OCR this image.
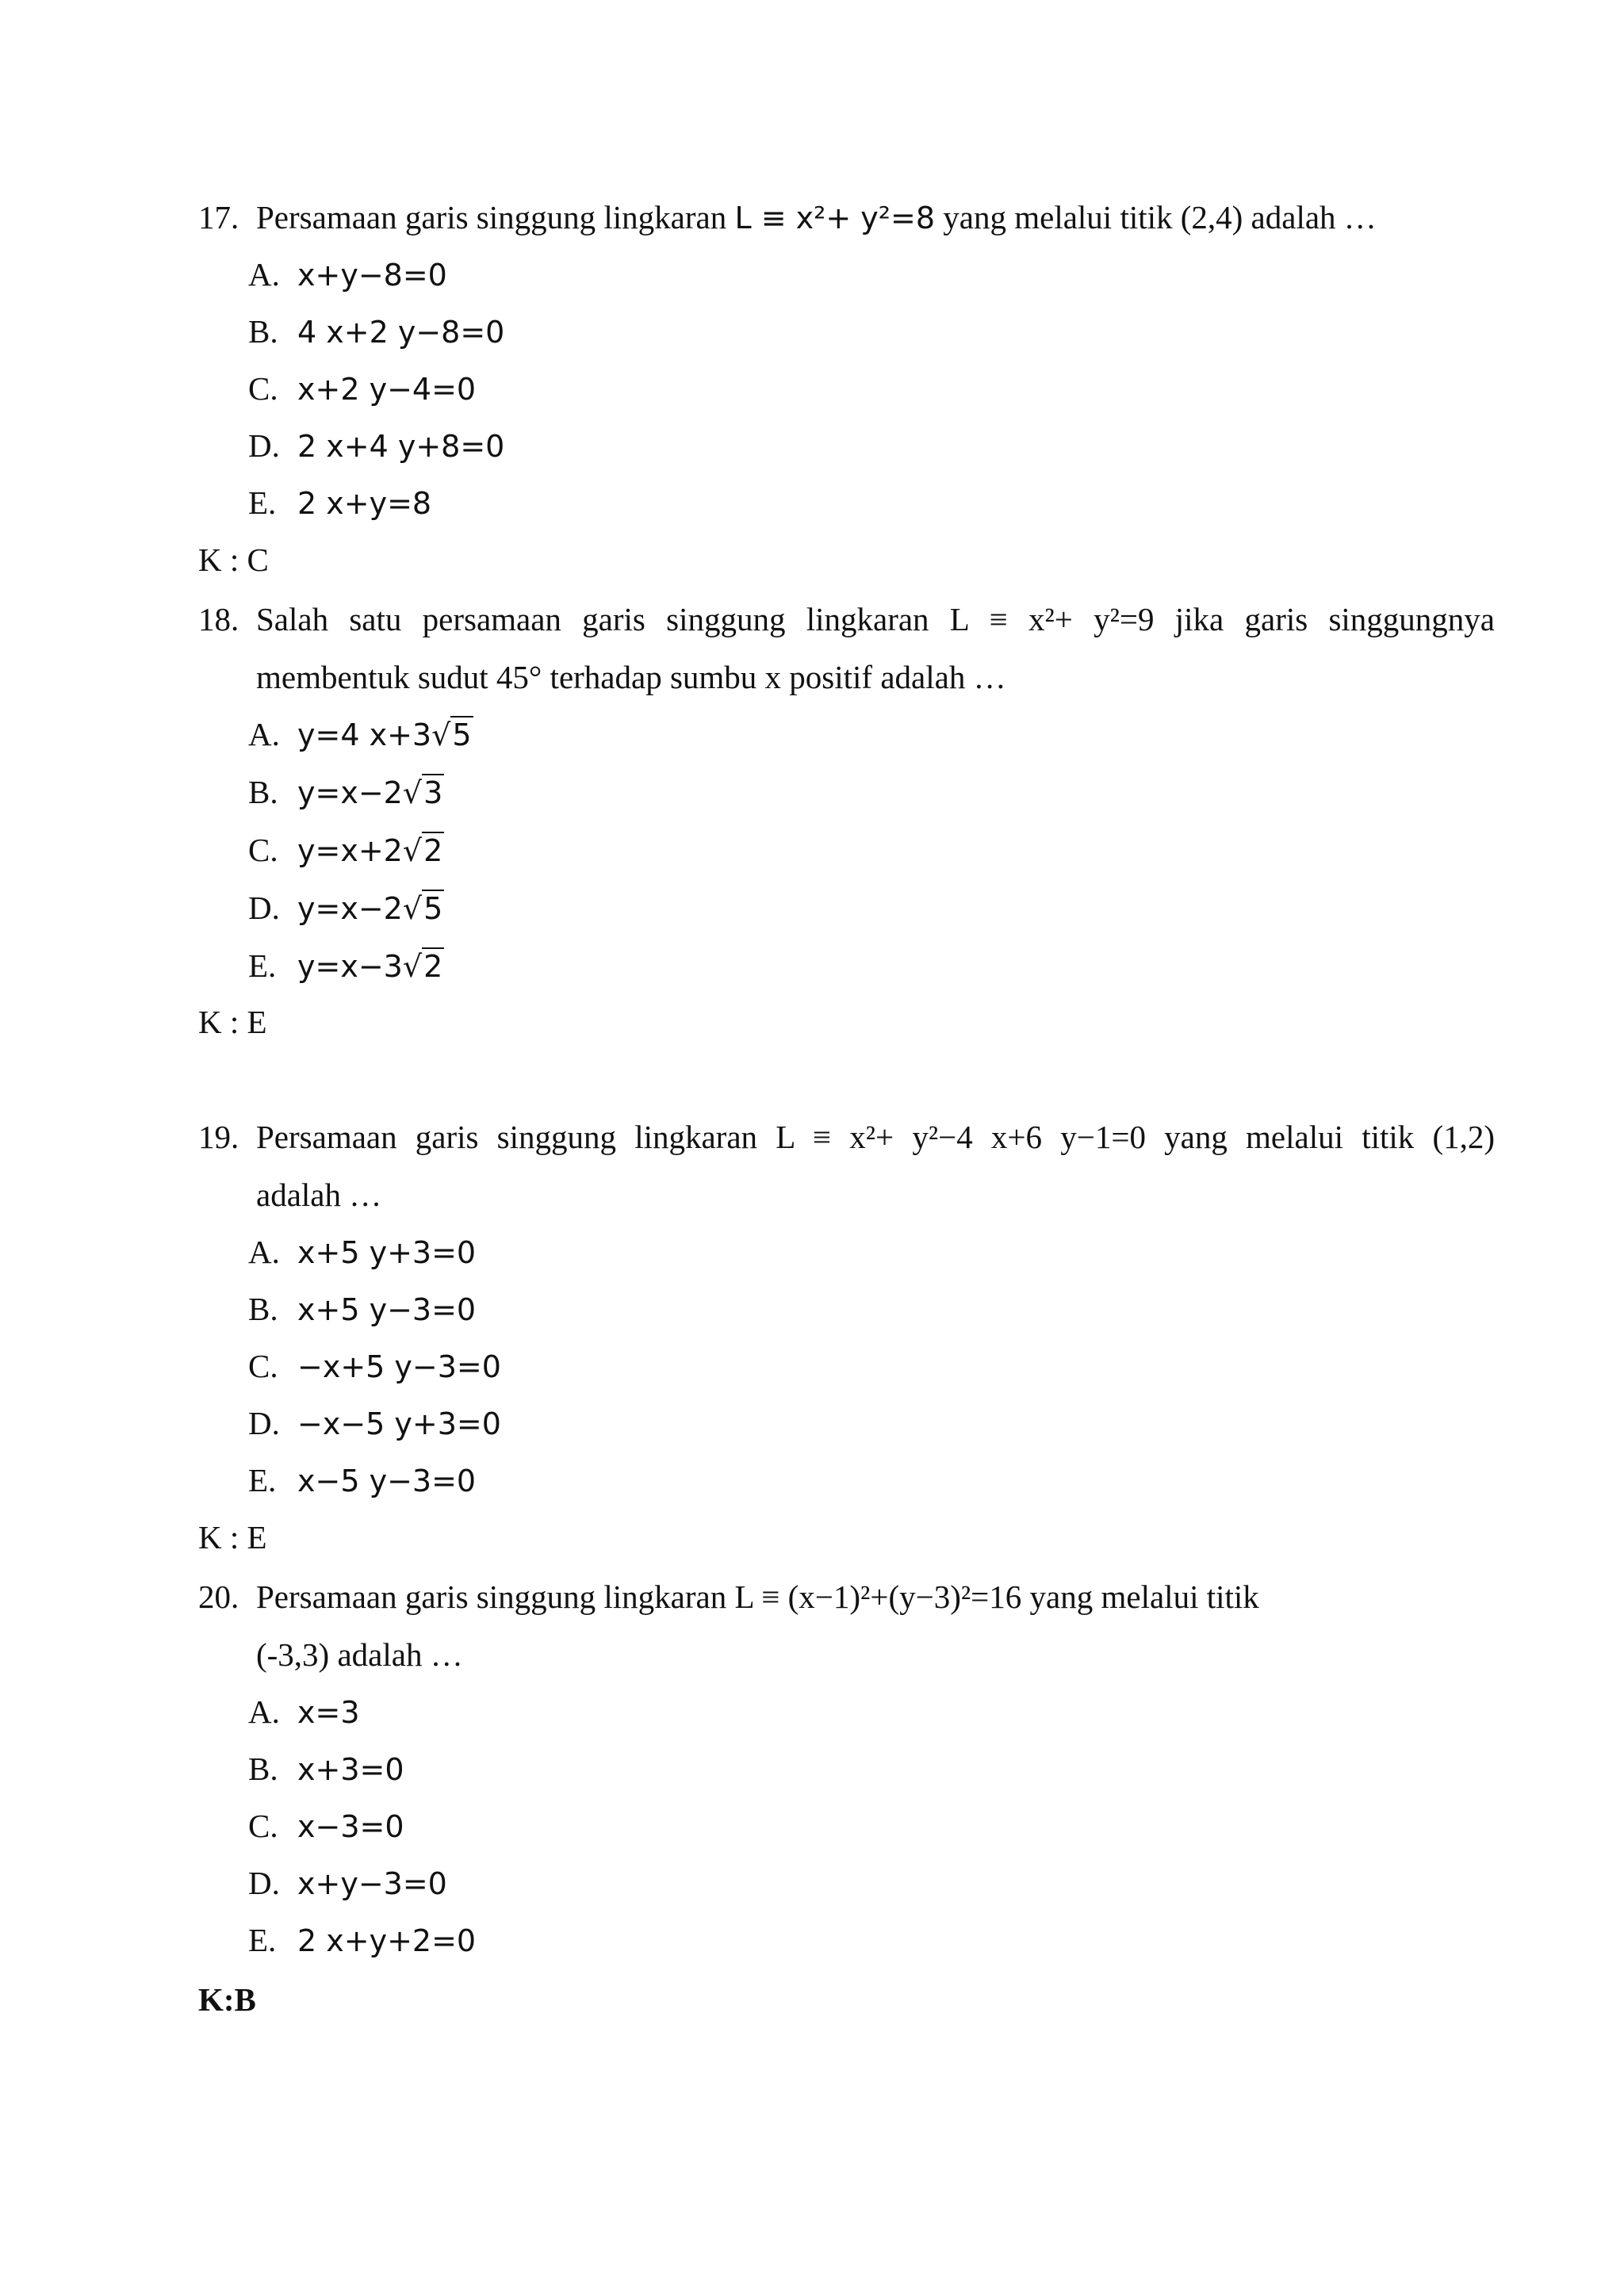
17. Persamaan garis singgung lingkaran L ≡ x²+ y²=8 yang melalui titik (2,4) adalah …
A. x+y−8=0
B. 4 x+2 y−8=0
C. x+2 y−4=0
D. 2 x+4 y+8=0
E. 2 x+y=8
K : C
18. Salah satu persamaan garis singgung lingkaran L ≡ x²+ y²=9 jika garis singgungnya
membentuk sudut 45° terhadap sumbu x positif adalah …
A. y=4 x+3√5
B. y=x−2√3
C. y=x+2√2
D. y=x−2√5
E. y=x−3√2
K : E
19. Persamaan garis singgung lingkaran L ≡ x²+ y²−4 x+6 y−1=0 yang melalui titik (1,2)
adalah …
A. x+5 y+3=0
B. x+5 y−3=0
C. −x+5 y−3=0
D. −x−5 y+3=0
E. x−5 y−3=0
K : E
20. Persamaan garis singgung lingkaran L ≡ (x−1)²+(y−3)²=16 yang melalui titik
(-3,3) adalah …
A. x=3
B. x+3=0
C. x−3=0
D. x+y−3=0
E. 2 x+y+2=0
K:B
